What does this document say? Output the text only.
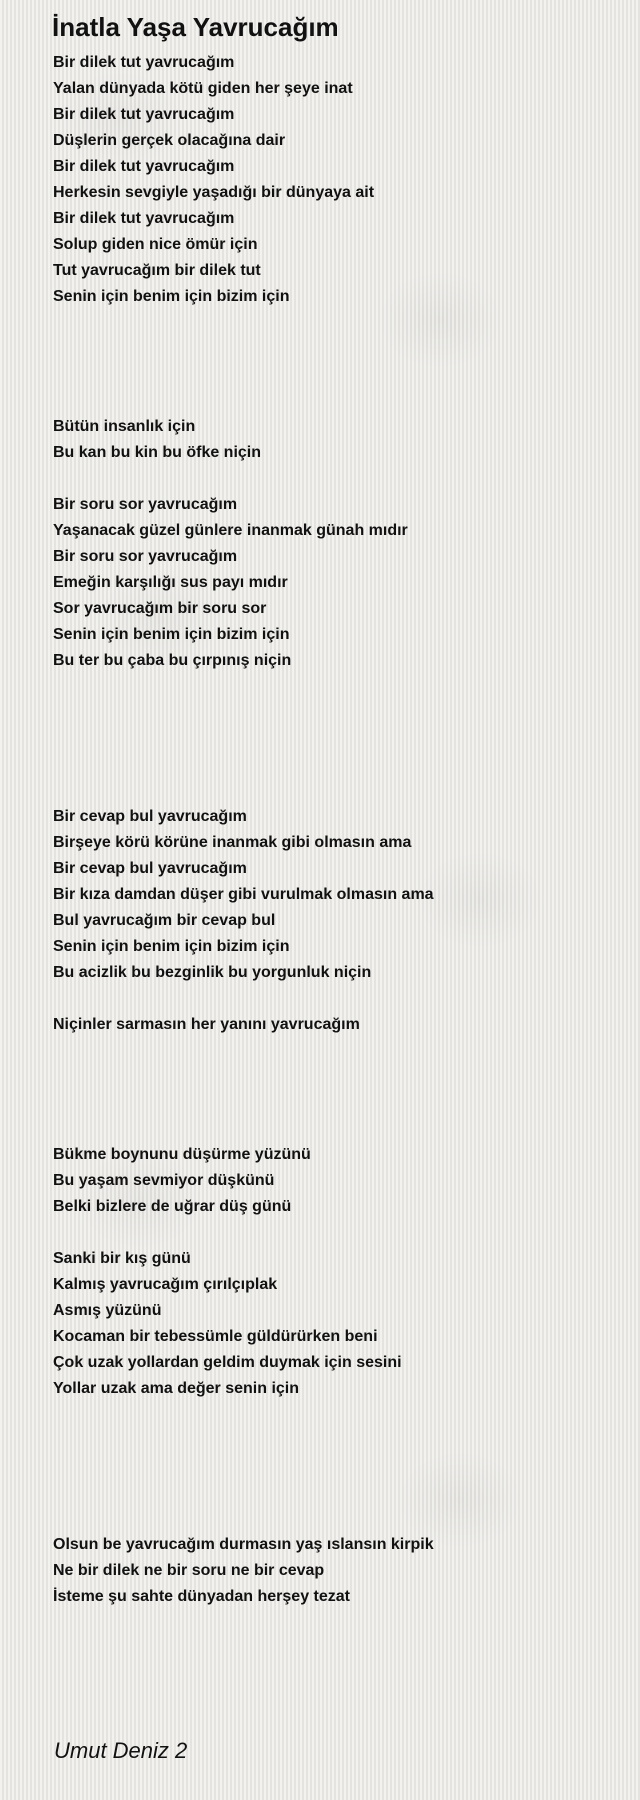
İnatla Yaşa Yavrucağım
Bir dilek tut yavrucağım
Yalan dünyada kötü giden her şeye inat
Bir dilek tut yavrucağım
Düşlerin gerçek olacağına dair
Bir dilek tut yavrucağım
Herkesin sevgiyle yaşadığı bir dünyaya ait
Bir dilek tut yavrucağım
Solup giden nice ömür için
Tut yavrucağım bir dilek tut
Senin için benim için bizim için
Bütün insanlık için
Bu kan bu kin bu öfke niçin
Bir soru sor yavrucağım
Yaşanacak güzel günlere inanmak günah mıdır
Bir soru sor yavrucağım
Emeğin karşılığı sus payı mıdır
Sor yavrucağım bir soru sor
Senin için benim için bizim için
Bu ter bu çaba bu çırpınış niçin
Bir cevap bul yavrucağım
Birşeye körü körüne inanmak gibi olmasın ama
Bir cevap bul yavrucağım
Bir kıza damdan düşer gibi vurulmak olmasın ama
Bul yavrucağım bir cevap bul
Senin için benim için bizim için
Bu acizlik bu bezginlik bu yorgunluk niçin
Niçinler sarmasın her yanını yavrucağım
Bükme boynunu düşürme yüzünü
Bu yaşam sevmiyor düşkünü
Belki bizlere de uğrar düş günü
Sanki bir kış günü
Kalmış yavrucağım çırılçıplak
Asmış yüzünü
Kocaman bir tebessümle güldürürken beni
Çok uzak yollardan geldim duymak için sesini
Yollar uzak ama değer senin için
Olsun be yavrucağım durmasın yaş ıslansın kirpik
Ne bir dilek ne bir soru ne bir cevap
İsteme şu sahte dünyadan herşey tezat
Umut Deniz 2
